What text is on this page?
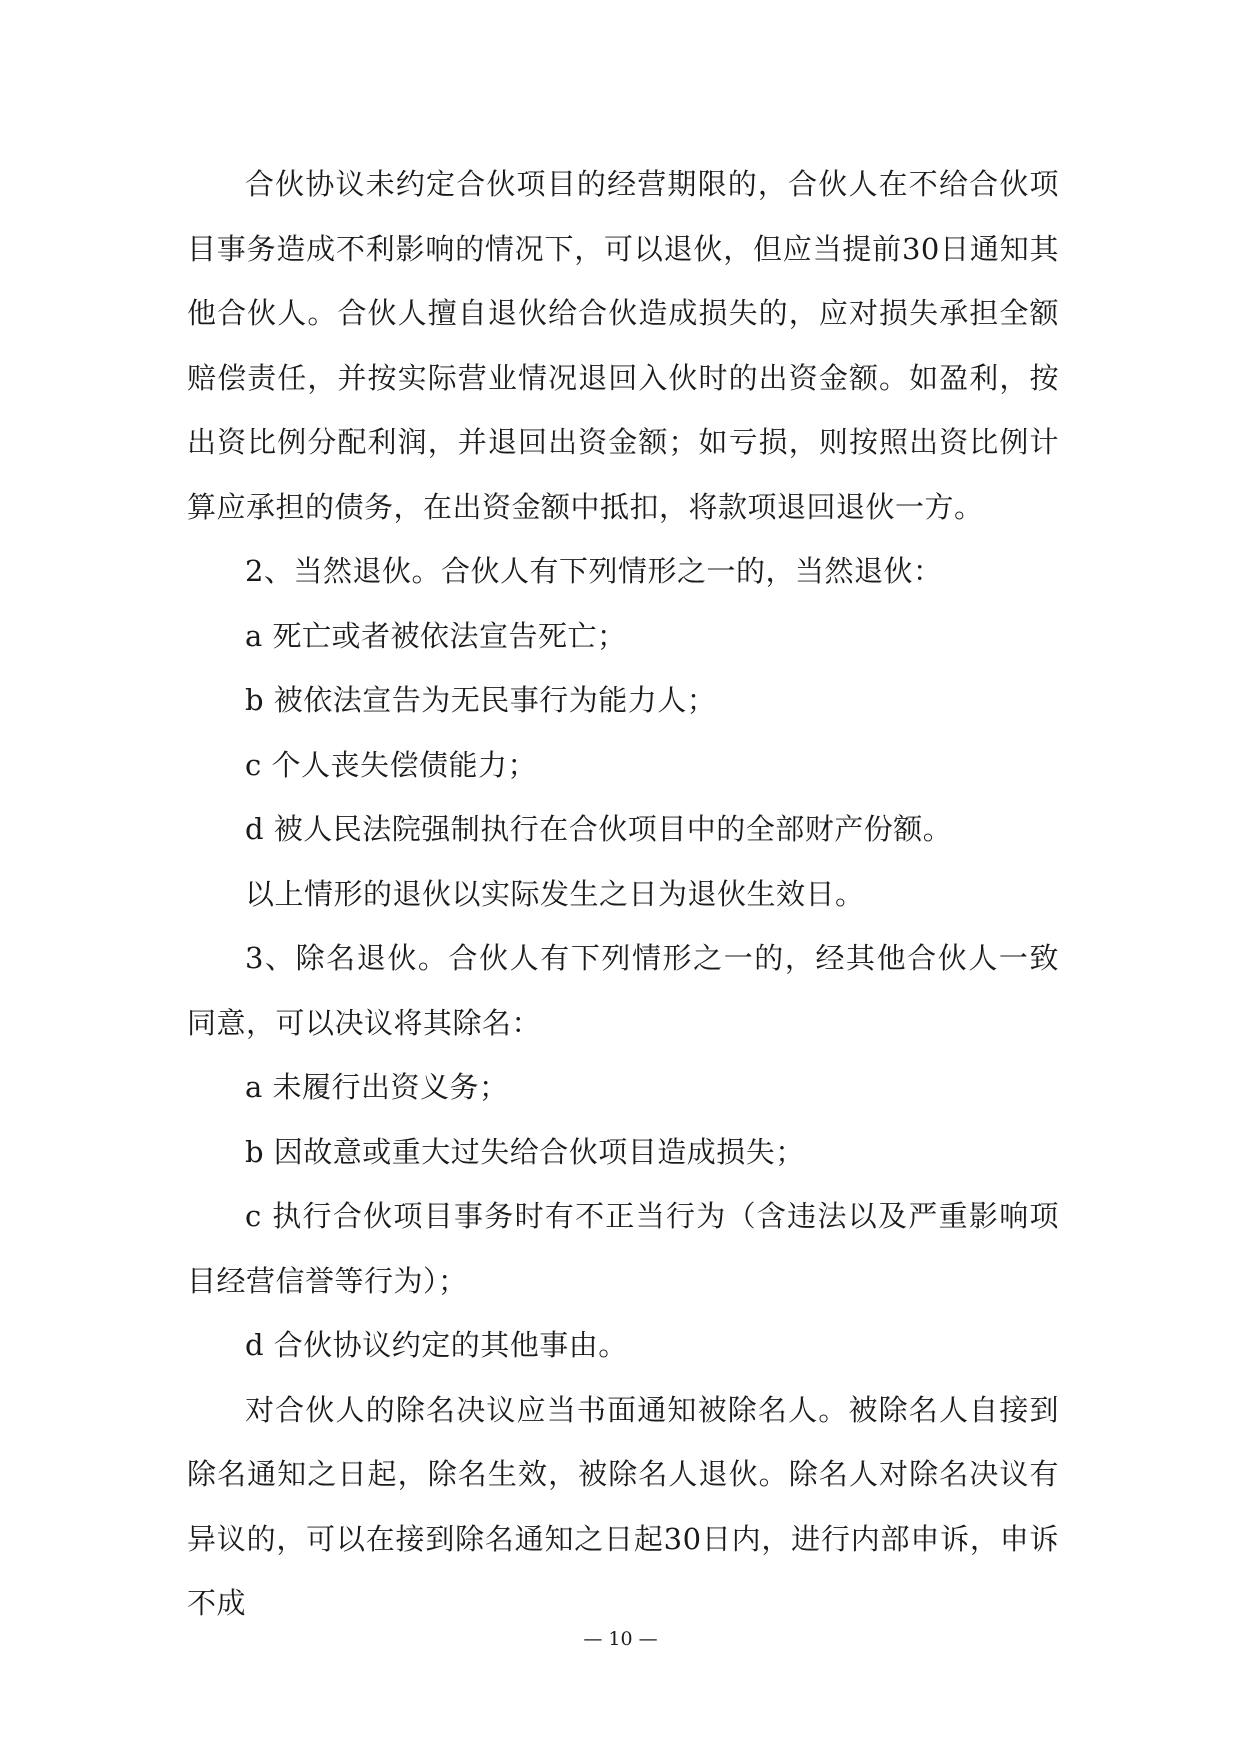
合伙协议未约定合伙项目的经营期限的，合伙人在不给合伙项目事务造成不利影响的情况下，可以退伙，但应当提前30日通知其他合伙人。合伙人擅自退伙给合伙造成损失的，应对损失承担全额赔偿责任，并按实际营业情况退回入伙时的出资金额。如盈利，按出资比例分配利润，并退回出资金额；如亏损，则按照出资比例计算应承担的债务，在出资金额中抵扣，将款项退回退伙一方。

2、当然退伙。合伙人有下列情形之一的，当然退伙：

a 死亡或者被依法宣告死亡；

b 被依法宣告为无民事行为能力人；

c 个人丧失偿债能力；

d 被人民法院强制执行在合伙项目中的全部财产份额。

以上情形的退伙以实际发生之日为退伙生效日。

3、除名退伙。合伙人有下列情形之一的，经其他合伙人一致同意，可以决议将其除名：

a 未履行出资义务；

b 因故意或重大过失给合伙项目造成损失；

c 执行合伙项目事务时有不正当行为（含违法以及严重影响项目经营信誉等行为）；

d 合伙协议约定的其他事由。

对合伙人的除名决议应当书面通知被除名人。被除名人自接到除名通知之日起，除名生效，被除名人退伙。除名人对除名决议有异议的，可以在接到除名通知之日起30日内，进行内部申诉，申诉不成

— 10 —
